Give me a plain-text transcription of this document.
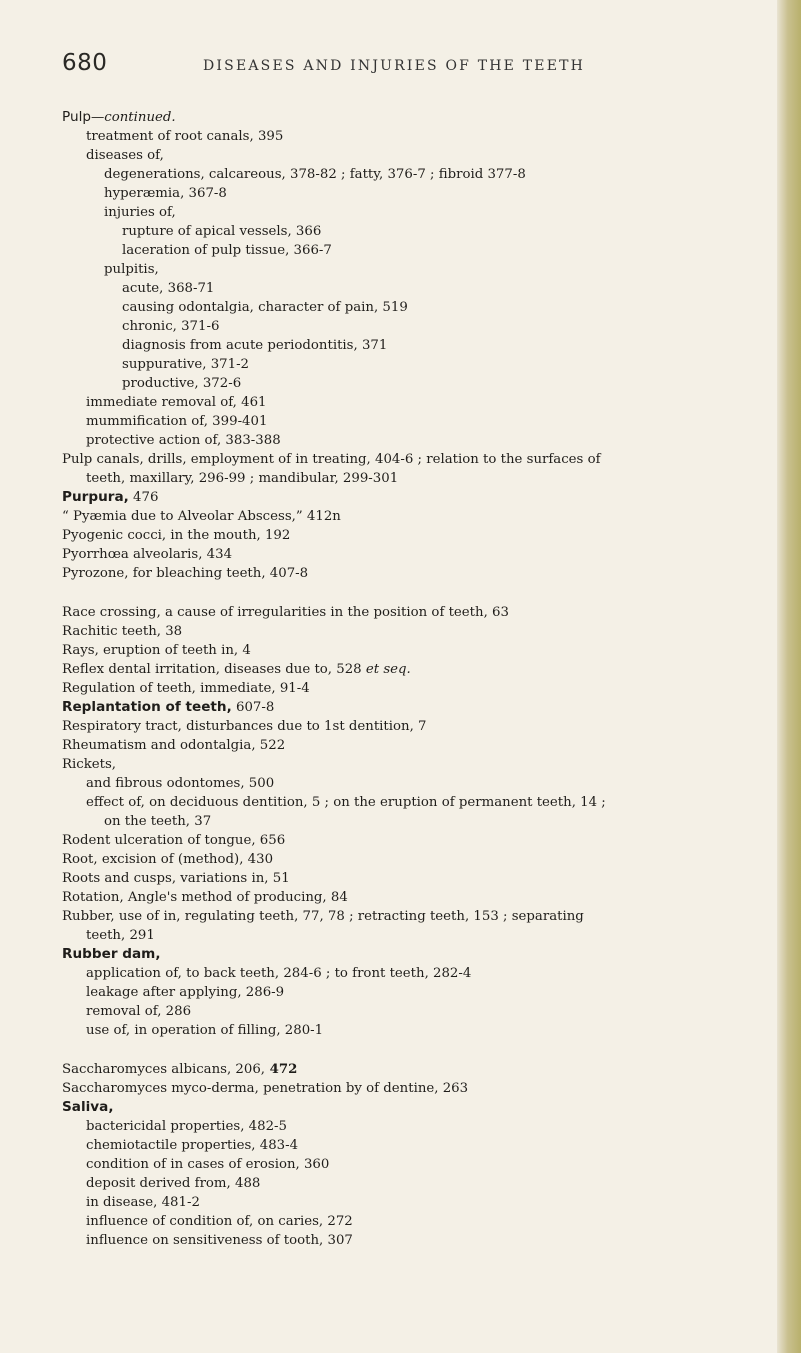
680	DISEASES AND INJURIES OF THE TEETH
Pulp—continued.
treatment of root canals, 395
diseases of,
degenerations, calcareous, 378-82 ; fatty, 376-7 ; fibroid 377-8
hyperæmia, 367-8
injuries of,
rupture of apical vessels, 366
laceration of pulp tissue, 366-7
pulpitis,
acute, 368-71
causing odontalgia, character of pain, 519
chronic, 371-6
diagnosis from acute periodontitis, 371
suppurative, 371-2
productive, 372-6
immediate removal of, 461
mummification of, 399-401
protective action of, 383-388
Pulp canals, drills, employment of in treating, 404-6 ; relation to the surfaces of
teeth, maxillary, 296-99 ; mandibular, 299-301
Purpura, 476
“ Pyæmia due to Alveolar Abscess,” 412n
Pyogenic cocci, in the mouth, 192
Pyorrhœa alveolaris, 434
Pyrozone, for bleaching teeth, 407-8
Race crossing, a cause of irregularities in the position of teeth, 63
Rachitic teeth, 38
Rays, eruption of teeth in, 4
Reflex dental irritation, diseases due to, 528 et seq.
Regulation of teeth, immediate, 91-4
Replantation of teeth, 607-8
Respiratory tract, disturbances due to 1st dentition, 7
Rheumatism and odontalgia, 522
Rickets,
and fibrous odontomes, 500
effect of, on deciduous dentition, 5 ; on the eruption of permanent teeth, 14 ;
on the teeth, 37
Rodent ulceration of tongue, 656
Root, excision of (method), 430
Roots and cusps, variations in, 51
Rotation, Angle's method of producing, 84
Rubber, use of in, regulating teeth, 77, 78 ; retracting teeth, 153 ; separating
teeth, 291
Rubber dam,
application of, to back teeth, 284-6 ; to front teeth, 282-4
leakage after applying, 286-9
removal of, 286
use of, in operation of filling, 280-1
Saccharomyces albicans, 206, 472
Saccharomyces myco-derma, penetration by of dentine, 263
Saliva,
bactericidal properties, 482-5
chemiotactile properties, 483-4
condition of in cases of erosion, 360
deposit derived from, 488
in disease, 481-2
influence of condition of, on caries, 272
influence on sensitiveness of tooth, 307
